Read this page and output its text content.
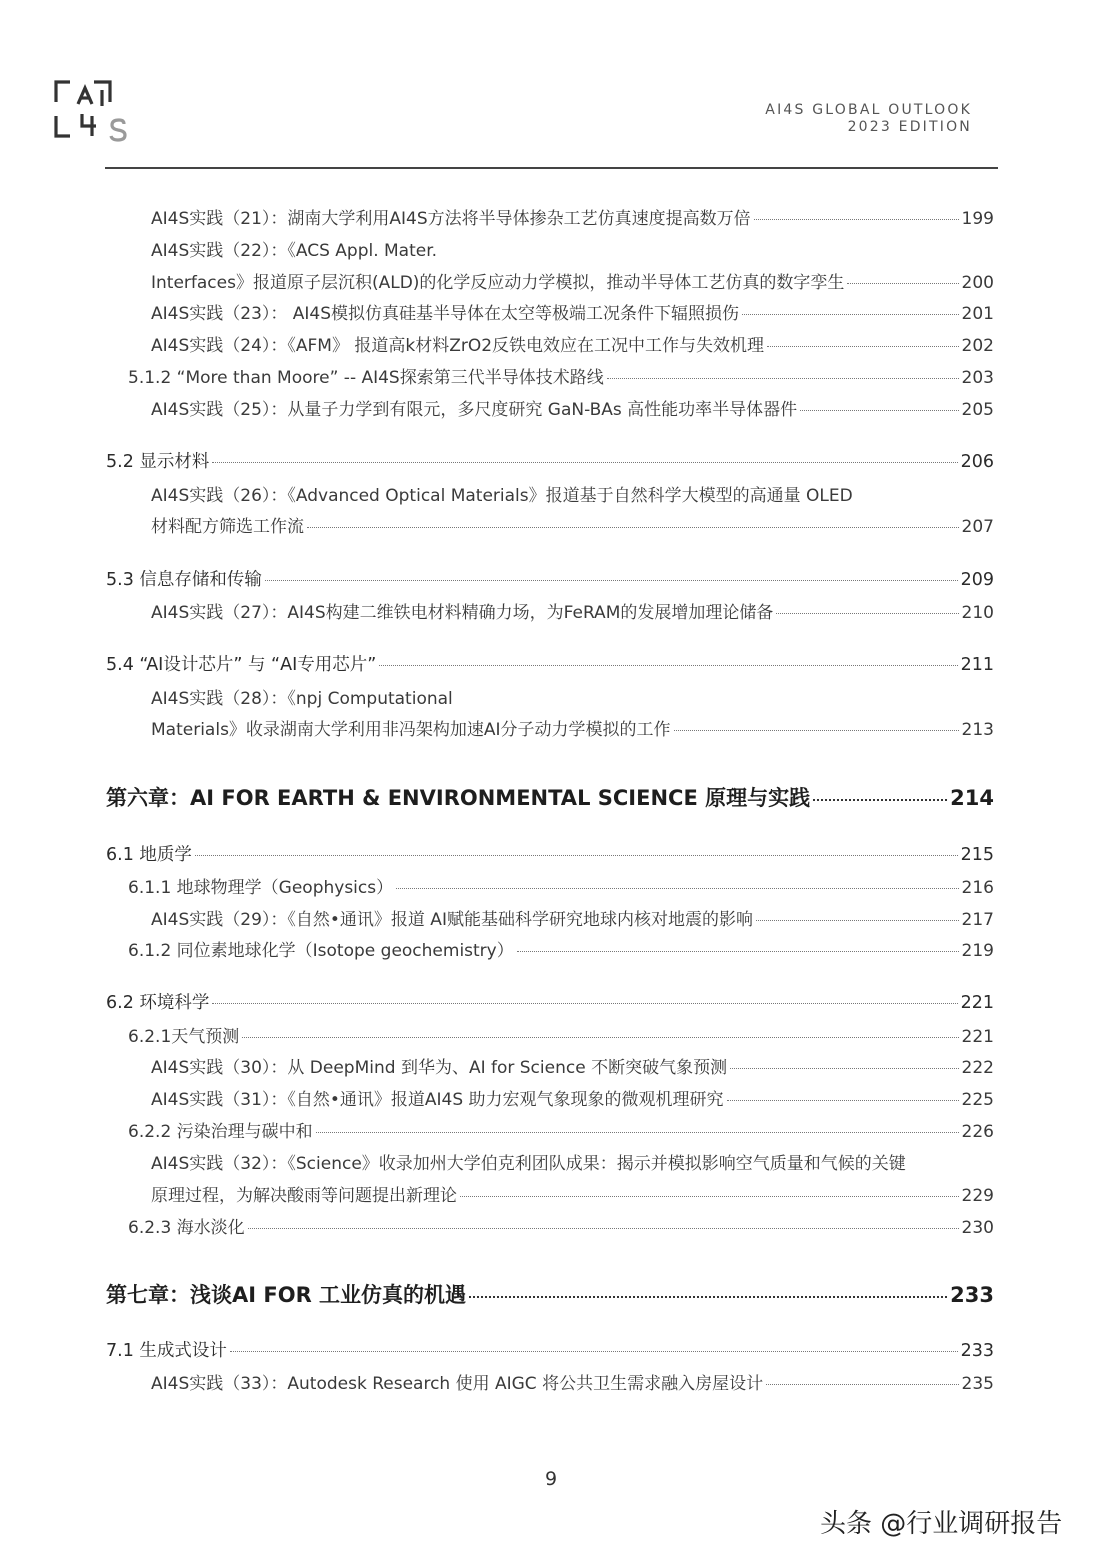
AI4S GLOBAL OUTLOOK
2023 EDITION
AI4S实践（21）：湖南大学利用AI4S方法将半导体掺杂工艺仿真速度提高数万倍	199
AI4S实践（22）：《ACS Appl. Mater.
Interfaces》报道原子层沉积(ALD)的化学反应动力学模拟，推动半导体工艺仿真的数字孪生	200
AI4S实践（23）： AI4S模拟仿真硅基半导体在太空等极端工况条件下辐照损伤	201
AI4S实践（24）：《AFM》 报道高k材料ZrO2反铁电效应在工况中工作与失效机理	202
5.1.2 “More than Moore” -- AI4S探索第三代半导体技术路线	203
AI4S实践（25）：从量子力学到有限元，多尺度研究 GaN-BAs 高性能功率半导体器件	205
5.2 显示材料	206
AI4S实践（26）：《Advanced Optical Materials》报道基于自然科学大模型的高通量 OLED
材料配方筛选工作流	207
5.3 信息存储和传输	209
AI4S实践（27）：AI4S构建二维铁电材料精确力场，为FeRAM的发展增加理论储备	210
5.4 “AI设计芯片” 与 “AI专用芯片”	211
AI4S实践（28）：《npj Computational
Materials》收录湖南大学利用非冯架构加速AI分子动力学模拟的工作	213
第六章：AI FOR EARTH & ENVIRONMENTAL SCIENCE 原理与实践	214
6.1 地质学	215
6.1.1 地球物理学（Geophysics）	216
AI4S实践（29）：《自然•通讯》报道 AI赋能基础科学研究地球内核对地震的影响	217
6.1.2 同位素地球化学（Isotope geochemistry）	219
6.2 环境科学	221
6.2.1天气预测	221
AI4S实践（30）：从 DeepMind 到华为、AI for Science 不断突破气象预测	222
AI4S实践（31）：《自然•通讯》报道AI4S 助力宏观气象现象的微观机理研究	225
6.2.2 污染治理与碳中和	226
AI4S实践（32）：《Science》收录加州大学伯克利团队成果：揭示并模拟影响空气质量和气候的关键
原理过程，为解决酸雨等问题提出新理论	229
6.2.3 海水淡化	230
第七章：浅谈AI FOR 工业仿真的机遇	233
7.1 生成式设计	233
AI4S实践（33）：Autodesk Research 使用 AIGC 将公共卫生需求融入房屋设计	235
9
头条 @行业调研报告
